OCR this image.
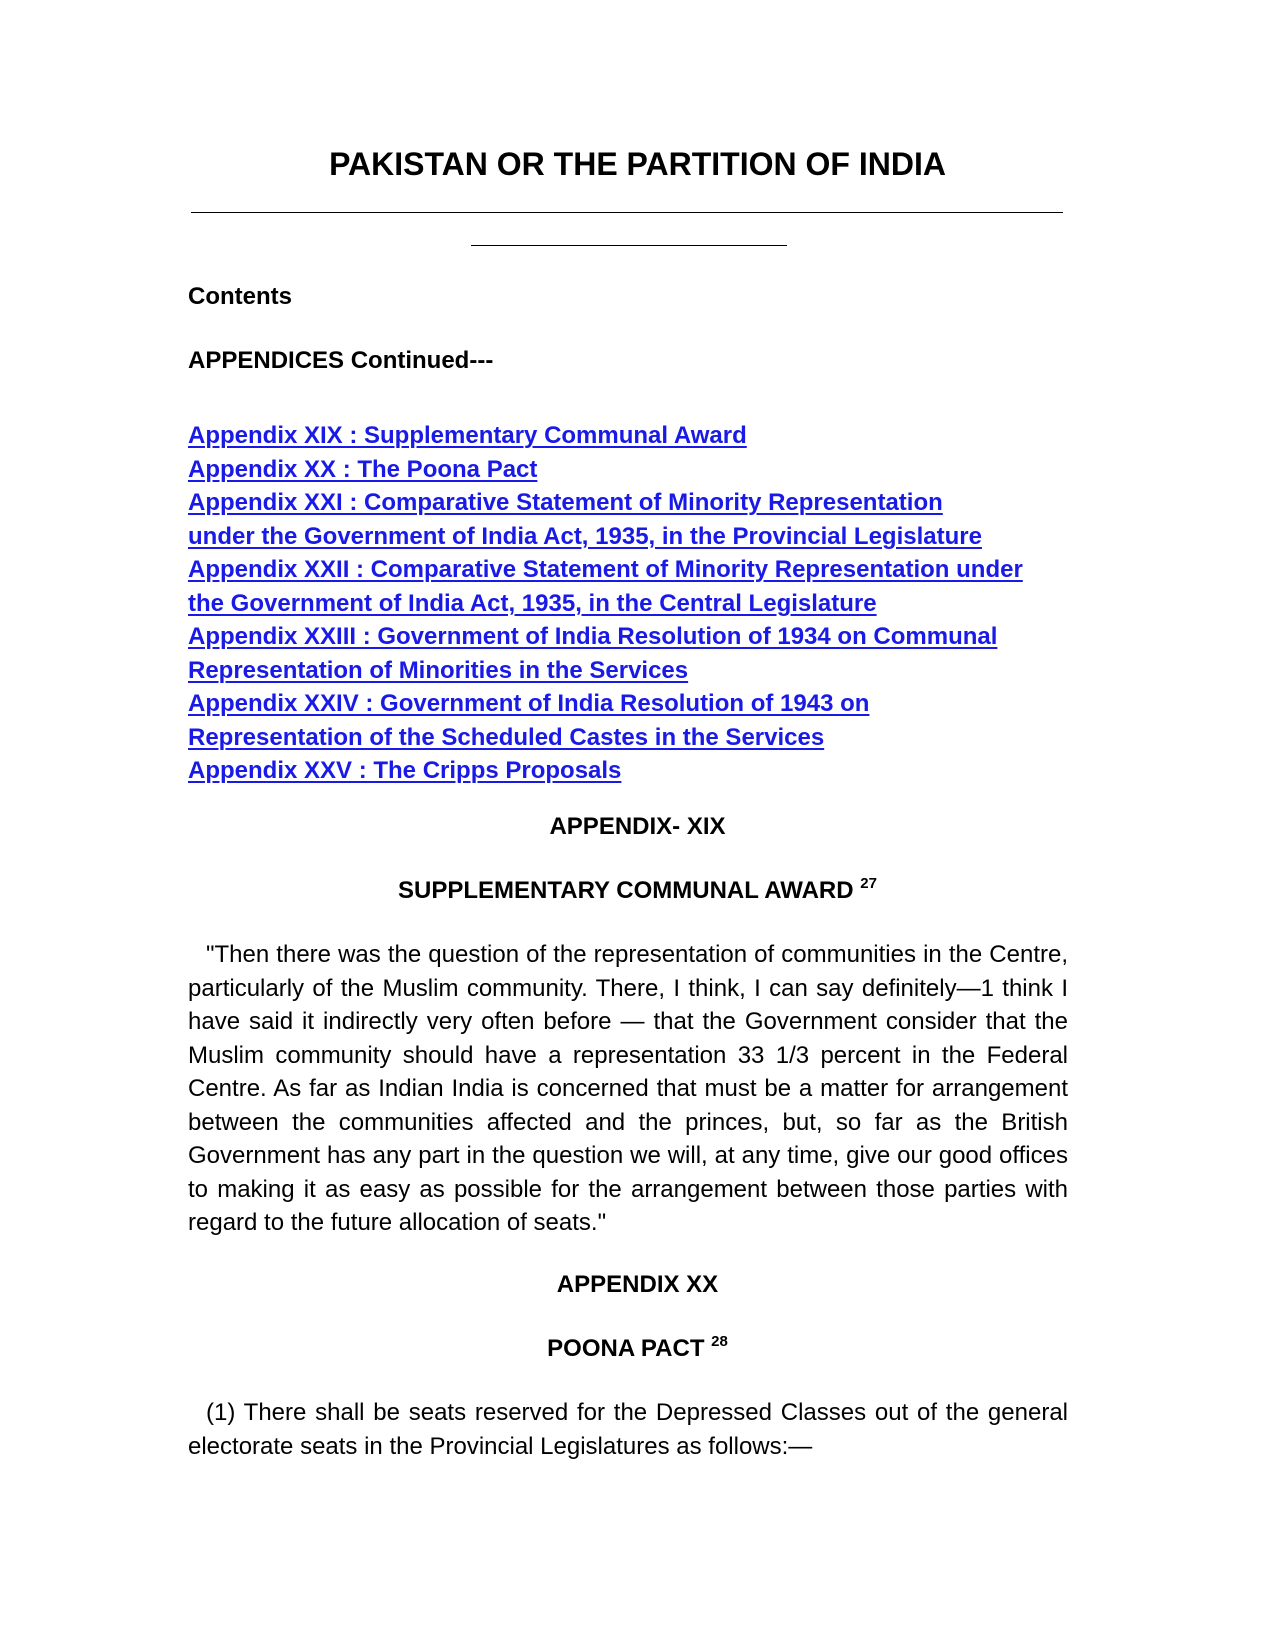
PAKISTAN OR THE PARTITION OF INDIA
Contents
APPENDICES Continued---
Appendix XIX : Supplementary Communal Award
Appendix XX : The Poona Pact
Appendix XXI : Comparative Statement of Minority Representation
under the Government of India Act, 1935, in the Provincial Legislature
Appendix XXII : Comparative Statement of Minority Representation under
the Government of India Act, 1935, in the Central Legislature
Appendix XXIII : Government of India Resolution of 1934 on Communal
Representation of Minorities in the Services
Appendix XXIV : Government of India Resolution of 1943 on
Representation of the Scheduled Castes in the Services
Appendix XXV : The Cripps Proposals
APPENDIX- XIX
SUPPLEMENTARY COMMUNAL AWARD $^{27}$

"Then there was the question of the representation of communities in the Centre, particularly of the Muslim community. There, I think, I can say definitely—1 think I have said it indirectly very often before — that the Government consider that the Muslim community should have a representation 33 1/3 percent in the Federal Centre. As far as Indian India is concerned that must be a matter for arrangement between the communities affected and the princes, but, so far as the British Government has any part in the question we will, at any time, give our good offices to making it as easy as possible for the arrangement between those parties with regard to the future allocation of seats."

APPENDIX XX
POONA PACT $^{28}$

(1) There shall be seats reserved for the Depressed Classes out of the general electorate seats in the Provincial Legislatures as follows:—
